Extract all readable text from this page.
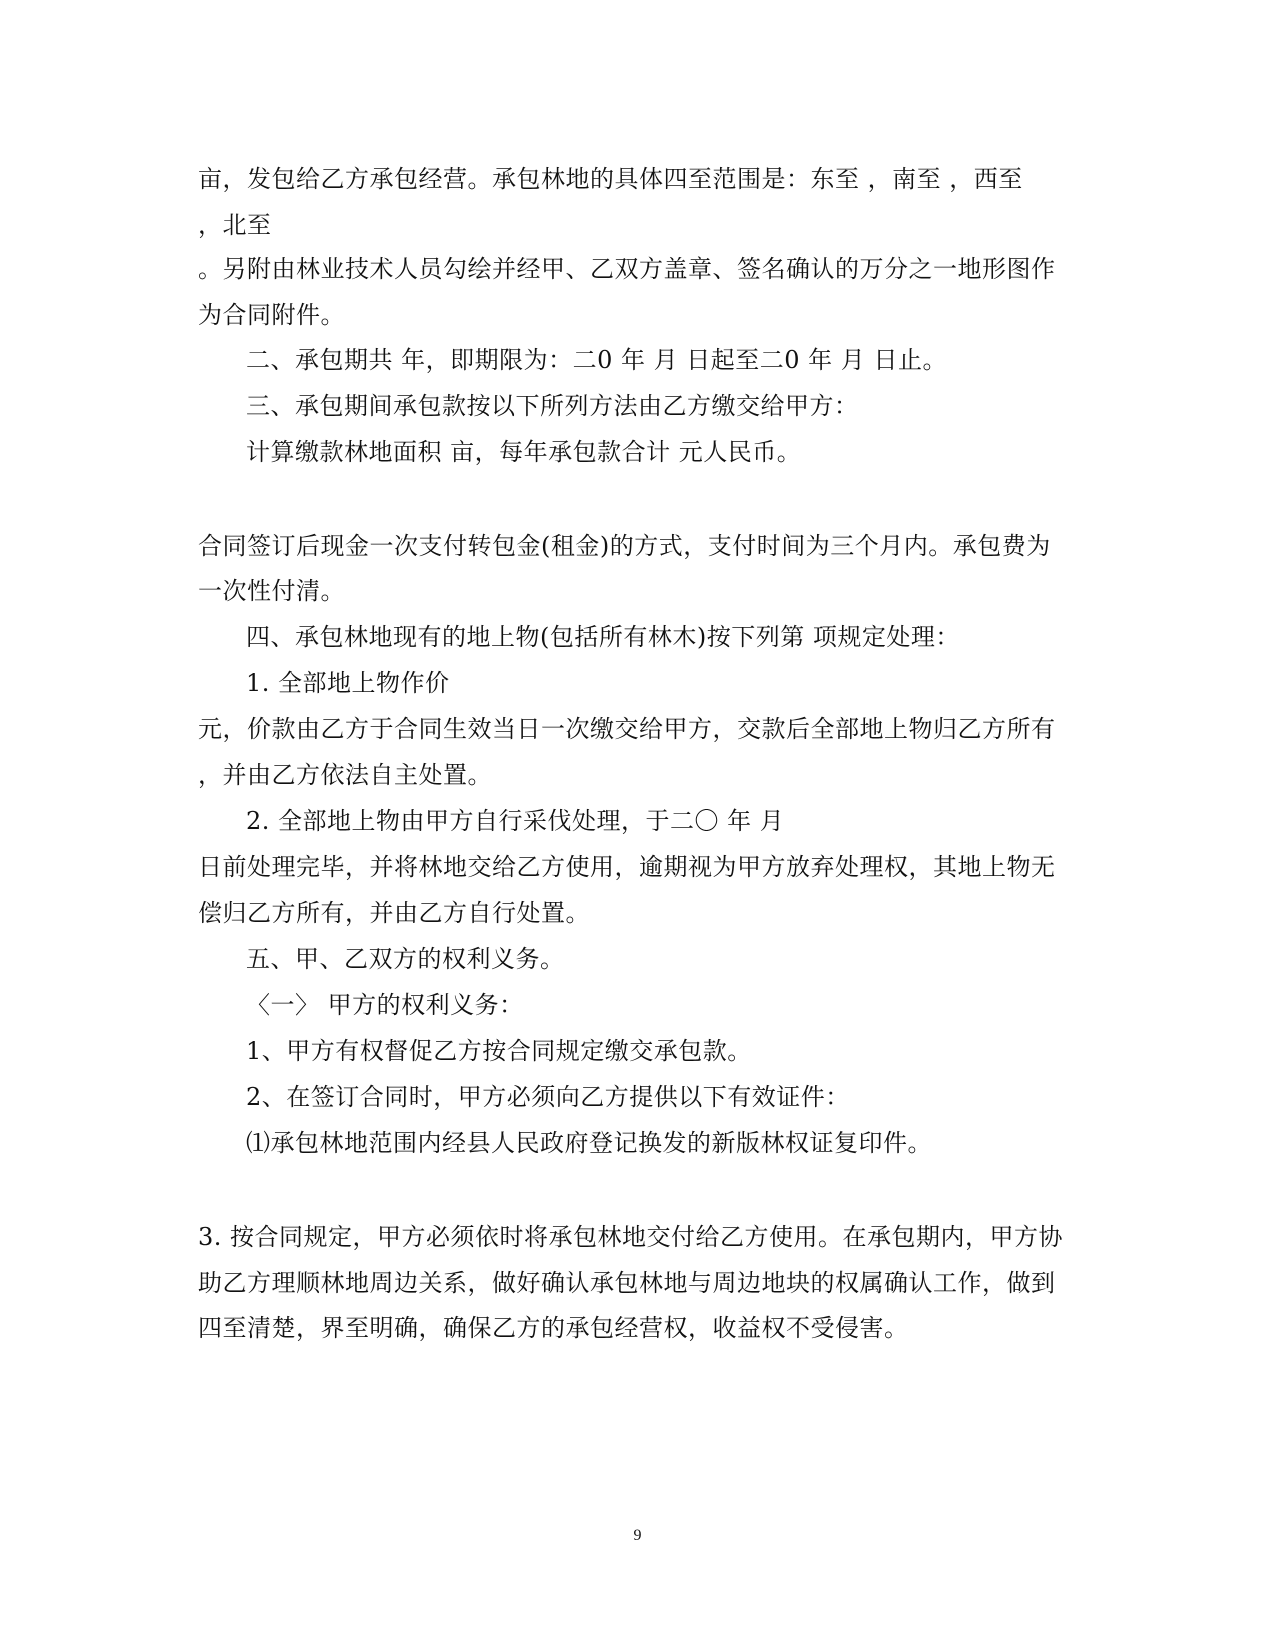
亩，发包给乙方承包经营。承包林地的具体四至范围是：东至 ，南至 ，西至
，北至
。另附由林业技术人员勾绘并经甲、乙双方盖章、签名确认的万分之一地形图作
为合同附件。
二、承包期共 年，即期限为：二0 年 月 日起至二0 年 月 日止。
三、承包期间承包款按以下所列方法由乙方缴交给甲方：
计算缴款林地面积 亩，每年承包款合计 元人民币。
合同签订后现金一次支付转包金(租金)的方式，支付时间为三个月内。承包费为
一次性付清。
四、承包林地现有的地上物(包括所有林木)按下列第 项规定处理：
1. 全部地上物作价
元，价款由乙方于合同生效当日一次缴交给甲方，交款后全部地上物归乙方所有
，并由乙方依法自主处置。
2. 全部地上物由甲方自行采伐处理，于二〇 年 月
日前处理完毕，并将林地交给乙方使用，逾期视为甲方放弃处理权，其地上物无
偿归乙方所有，并由乙方自行处置。
五、甲、乙双方的权利义务。
〈一〉 甲方的权利义务：
1、甲方有权督促乙方按合同规定缴交承包款。
2、在签订合同时，甲方必须向乙方提供以下有效证件：
⑴承包林地范围内经县人民政府登记换发的新版林权证复印件。
3. 按合同规定，甲方必须依时将承包林地交付给乙方使用。在承包期内，甲方协
助乙方理顺林地周边关系，做好确认承包林地与周边地块的权属确认工作，做到
四至清楚，界至明确，确保乙方的承包经营权，收益权不受侵害。
9
